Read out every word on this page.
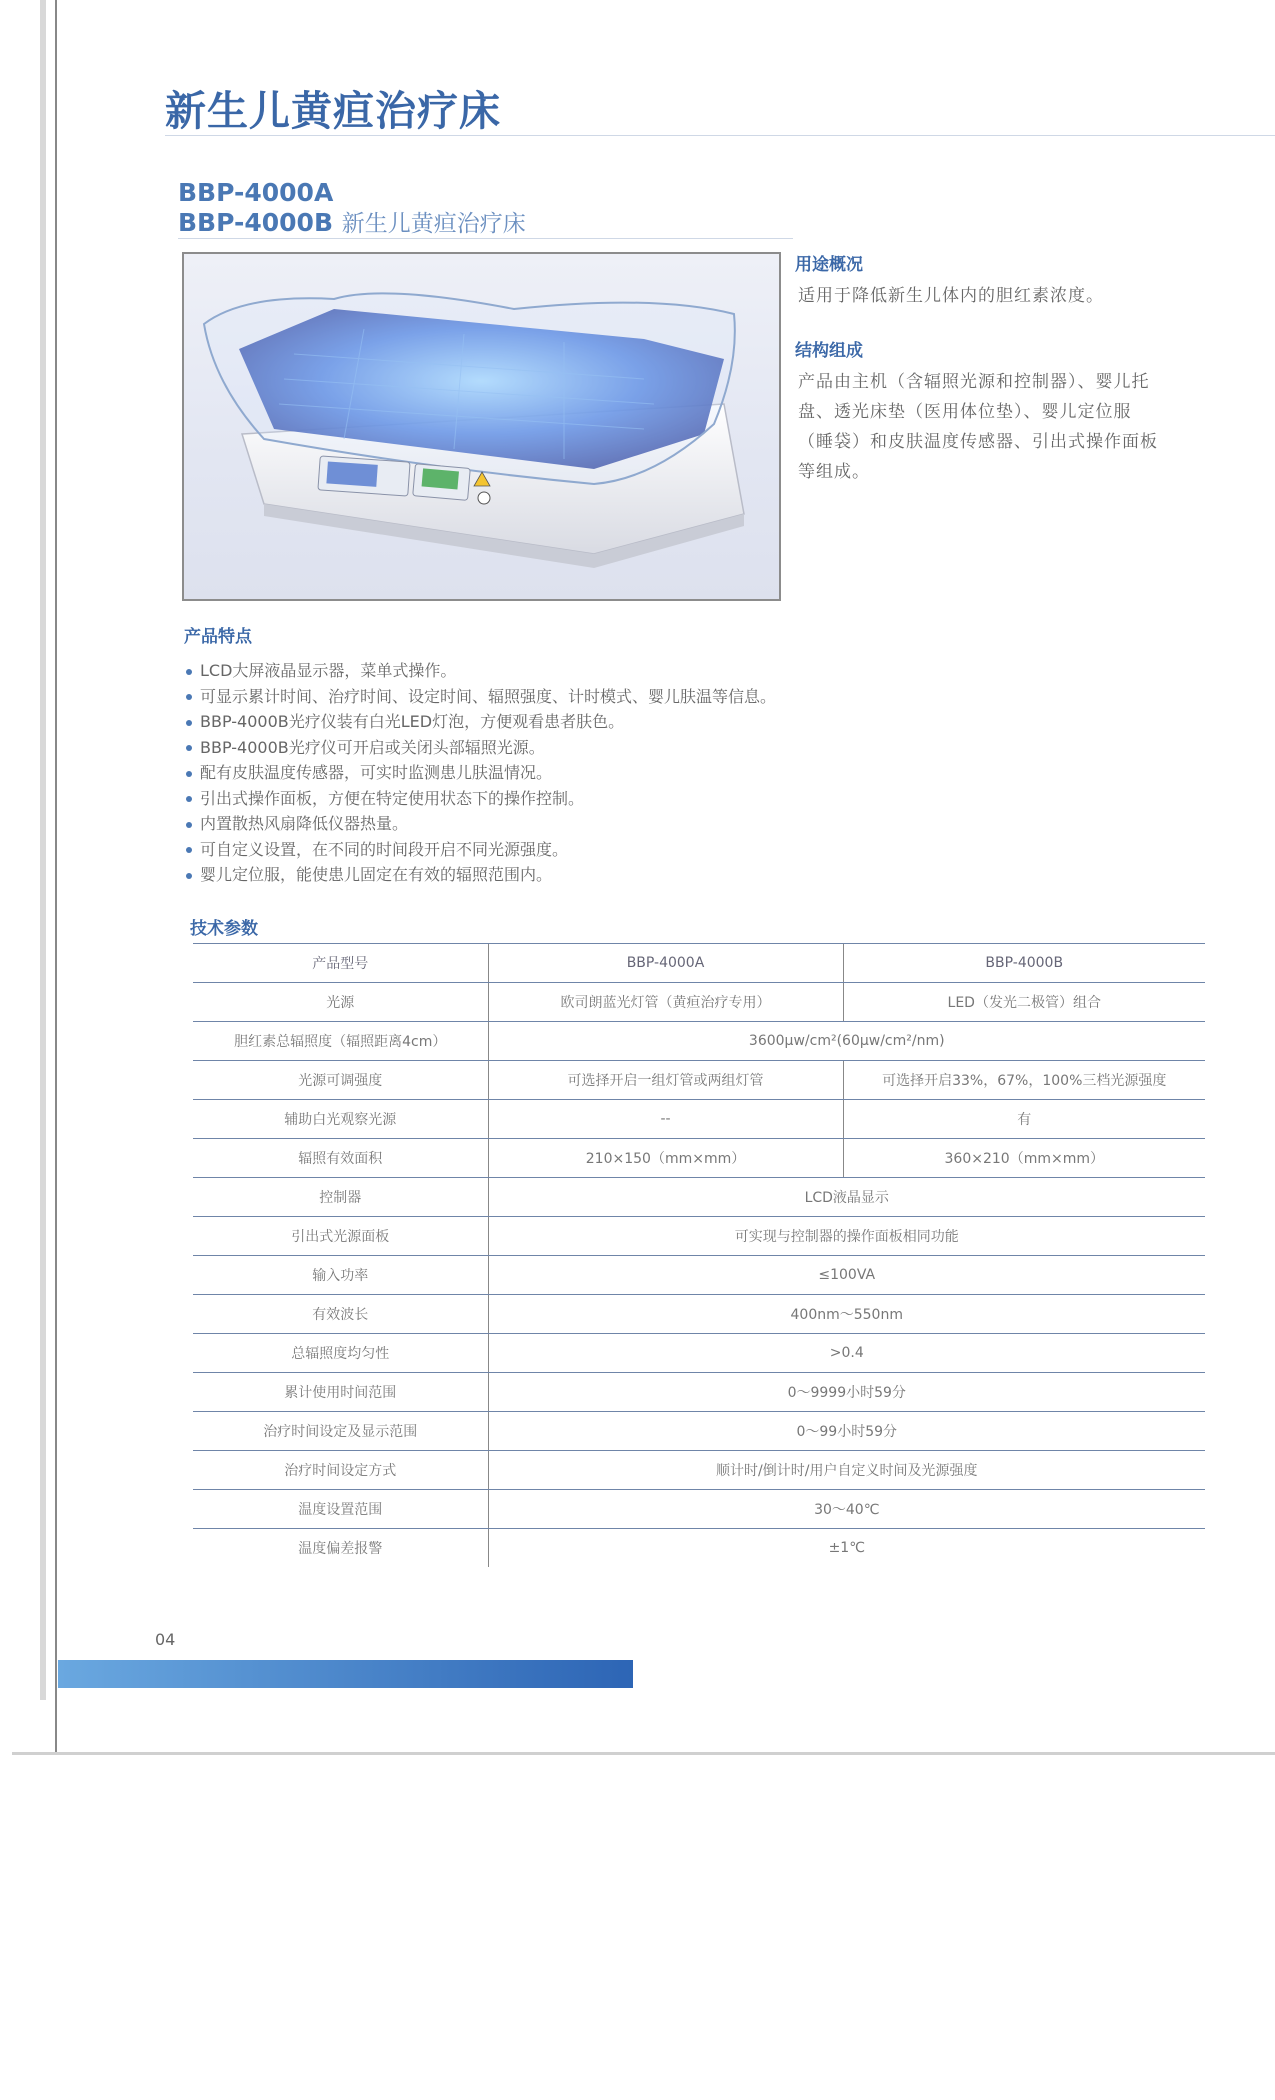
新生儿黄疸治疗床
BBP-4000A
BBP-4000B 新生儿黄疸治疗床
用途概况
适用于降低新生儿体内的胆红素浓度。
结构组成
产品由主机（含辐照光源和控制器）、婴儿托
盘、透光床垫（医用体位垫）、婴儿定位服
（睡袋）和皮肤温度传感器、引出式操作面板
等组成。
产品特点
LCD大屏液晶显示器，菜单式操作。
可显示累计时间、治疗时间、设定时间、辐照强度、计时模式、婴儿肤温等信息。
BBP-4000B光疗仪装有白光LED灯泡，方便观看患者肤色。
BBP-4000B光疗仪可开启或关闭头部辐照光源。
配有皮肤温度传感器，可实时监测患儿肤温情况。
引出式操作面板，方便在特定使用状态下的操作控制。
内置散热风扇降低仪器热量。
可自定义设置，在不同的时间段开启不同光源强度。
婴儿定位服，能使患儿固定在有效的辐照范围内。
技术参数
产品型号	BBP-4000A	BBP-4000B
光源	欧司朗蓝光灯管（黄疸治疗专用）	LED（发光二极管）组合
胆红素总辐照度（辐照距离4cm）	3600μw/cm²(60μw/cm²/nm)	
光源可调强度	可选择开启一组灯管或两组灯管	可选择开启33%，67%，100%三档光源强度
辅助白光观察光源	--	有
辐照有效面积	210×150（mm×mm）	360×210（mm×mm）
控制器	LCD液晶显示	
引出式光源面板	可实现与控制器的操作面板相同功能	
输入功率	≤100VA	
有效波长	400nm～550nm	
总辐照度均匀性	>0.4	
累计使用时间范围	0～9999小时59分	
治疗时间设定及显示范围	0～99小时59分	
治疗时间设定方式	顺计时/倒计时/用户自定义时间及光源强度	
温度设置范围	30～40℃	
温度偏差报警	±1℃	
04
